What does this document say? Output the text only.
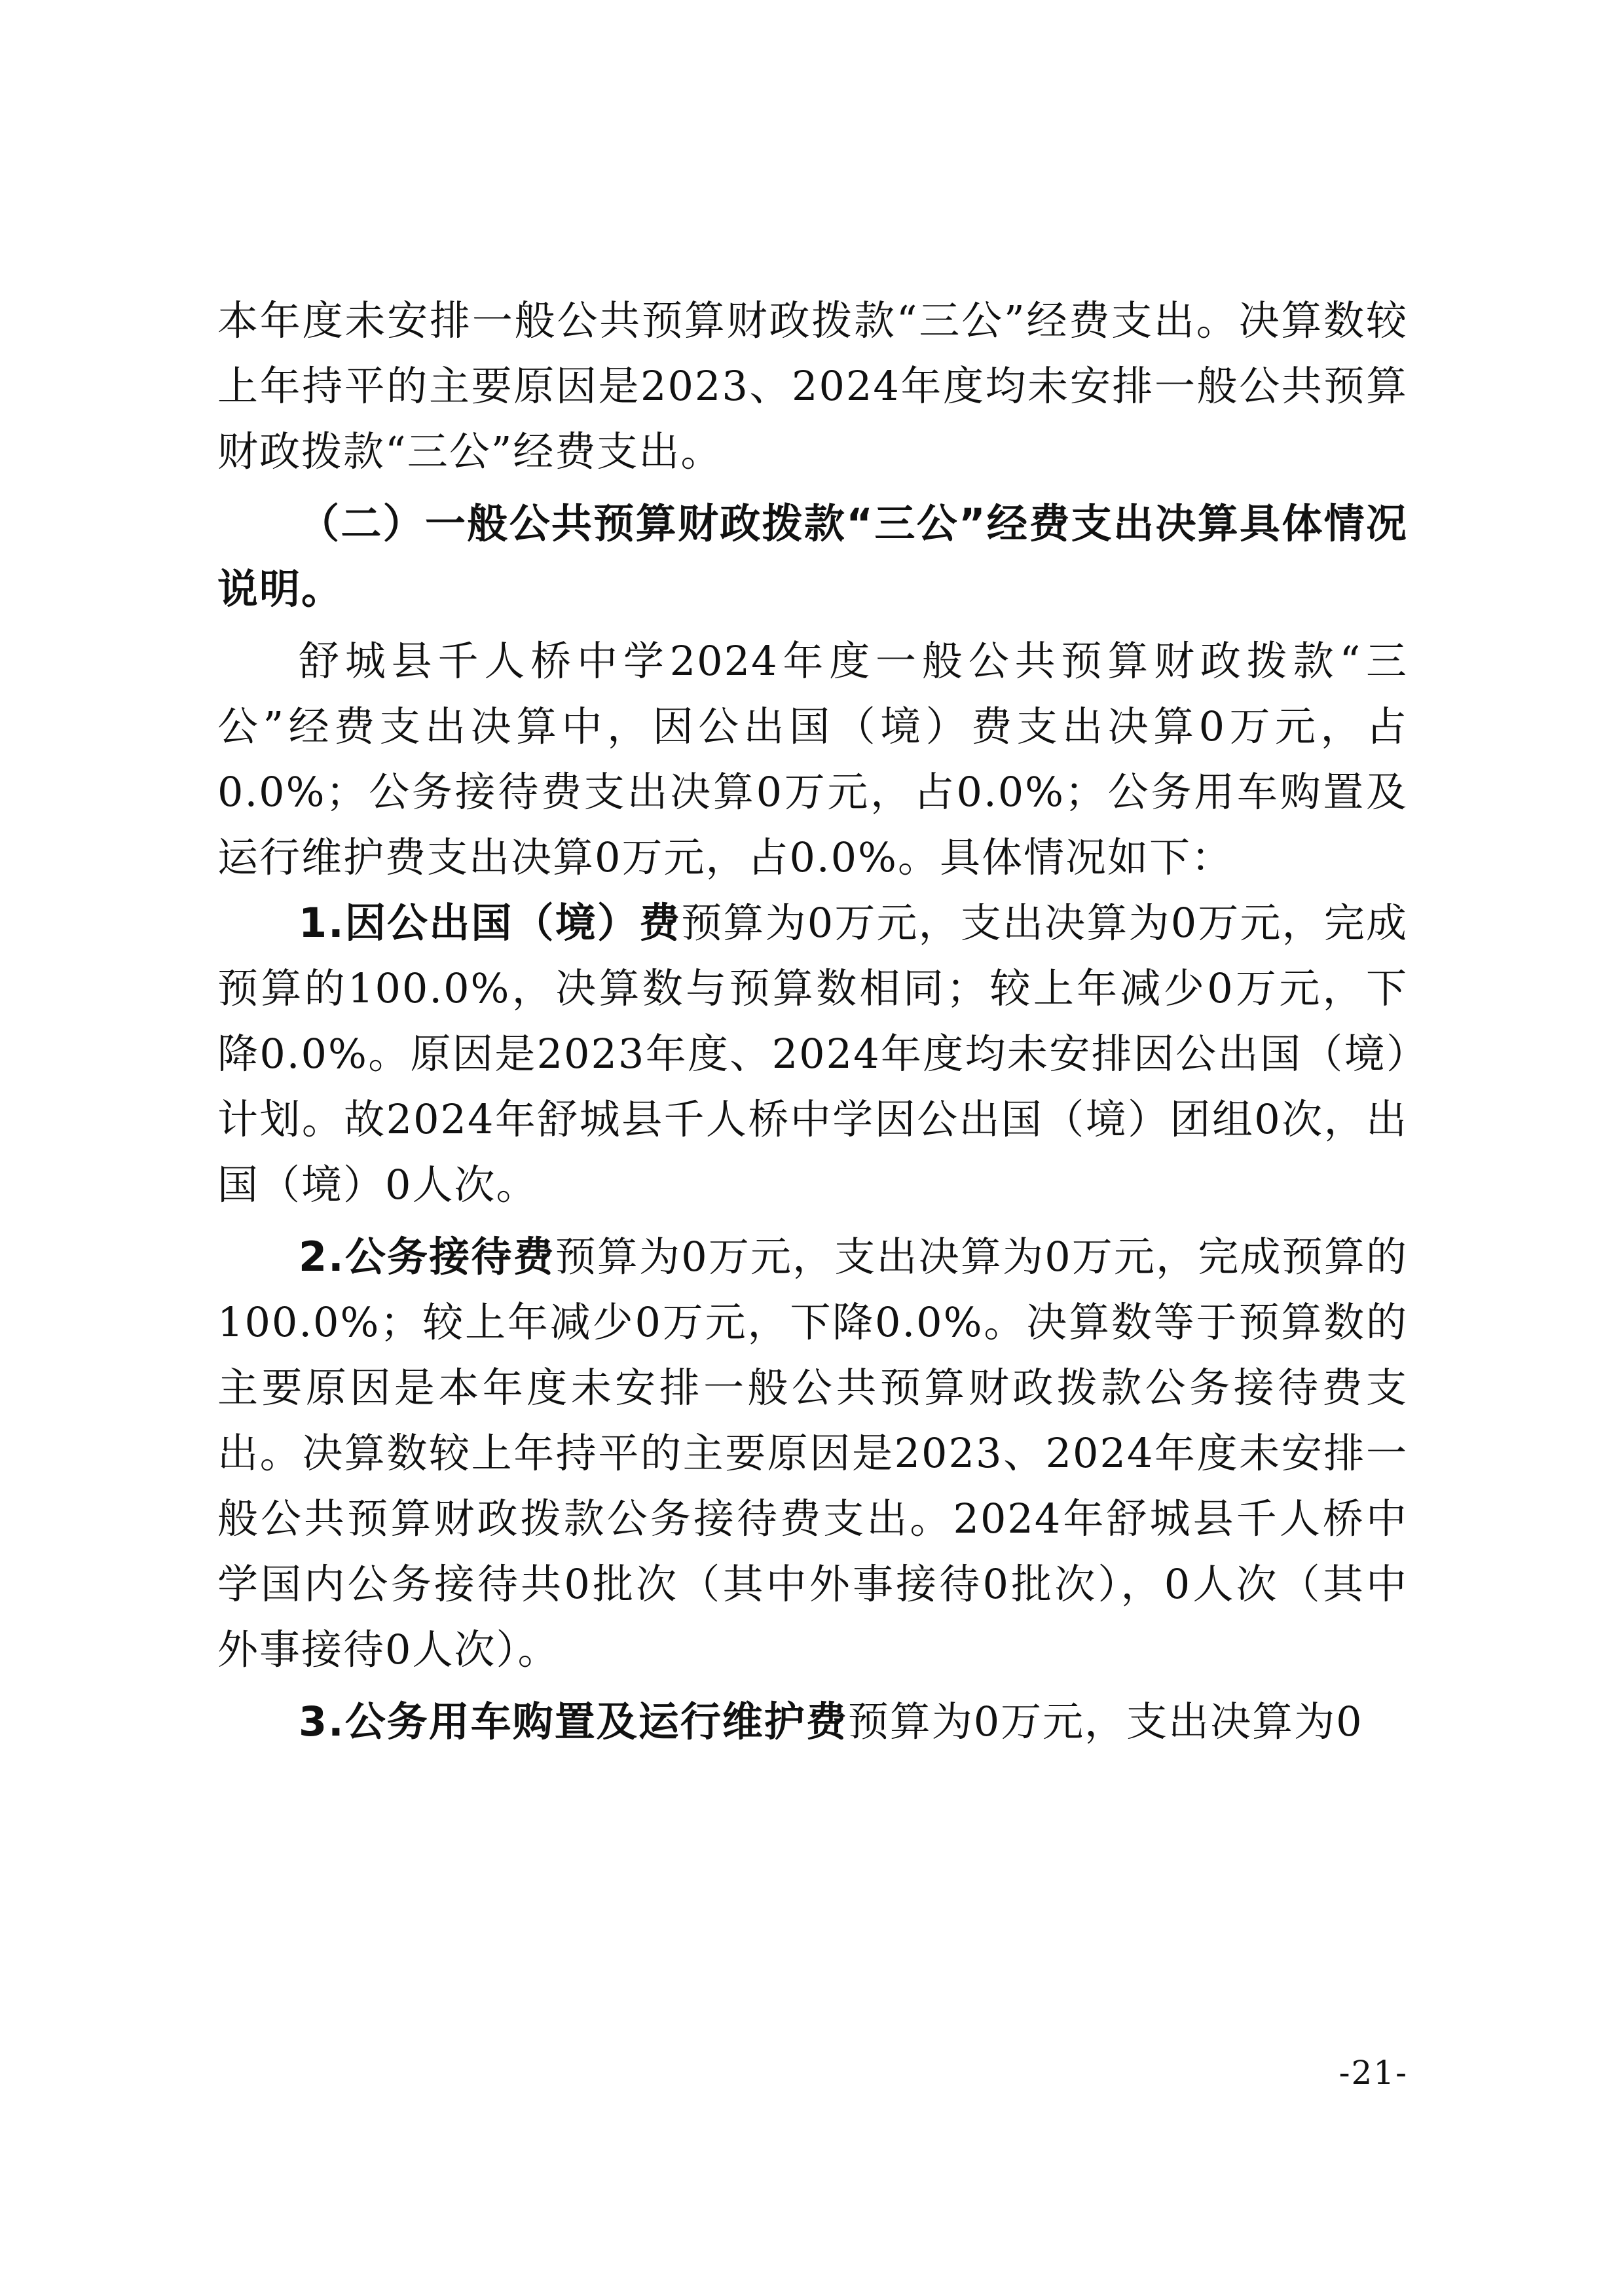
本年度未安排一般公共预算财政拨款“三公”经费支出。决算数较上年持平的主要原因是2023、2024年度均未安排一般公共预算财政拨款“三公”经费支出。

（二）一般公共预算财政拨款“三公”经费支出决算具体情况说明。

舒城县千人桥中学2024年度一般公共预算财政拨款“三公”经费支出决算中，因公出国（境）费支出决算0万元，占0.0%；公务接待费支出决算0万元，占0.0%；公务用车购置及运行维护费支出决算0万元，占0.0%。具体情况如下：

1.因公出国（境）费预算为0万元，支出决算为0万元，完成预算的100.0%，决算数与预算数相同；较上年减少0万元，下降0.0%。原因是2023年度、2024年度均未安排因公出国（境）计划。故2024年舒城县千人桥中学因公出国（境）团组0次，出国（境）0人次。

2.公务接待费预算为0万元，支出决算为0万元，完成预算的100.0%；较上年减少0万元，下降0.0%。决算数等于预算数的主要原因是本年度未安排一般公共预算财政拨款公务接待费支出。决算数较上年持平的主要原因是2023、2024年度未安排一般公共预算财政拨款公务接待费支出。2024年舒城县千人桥中学国内公务接待共0批次（其中外事接待0批次），0人次（其中外事接待0人次）。

3.公务用车购置及运行维护费预算为0万元，支出决算为0

-21-
